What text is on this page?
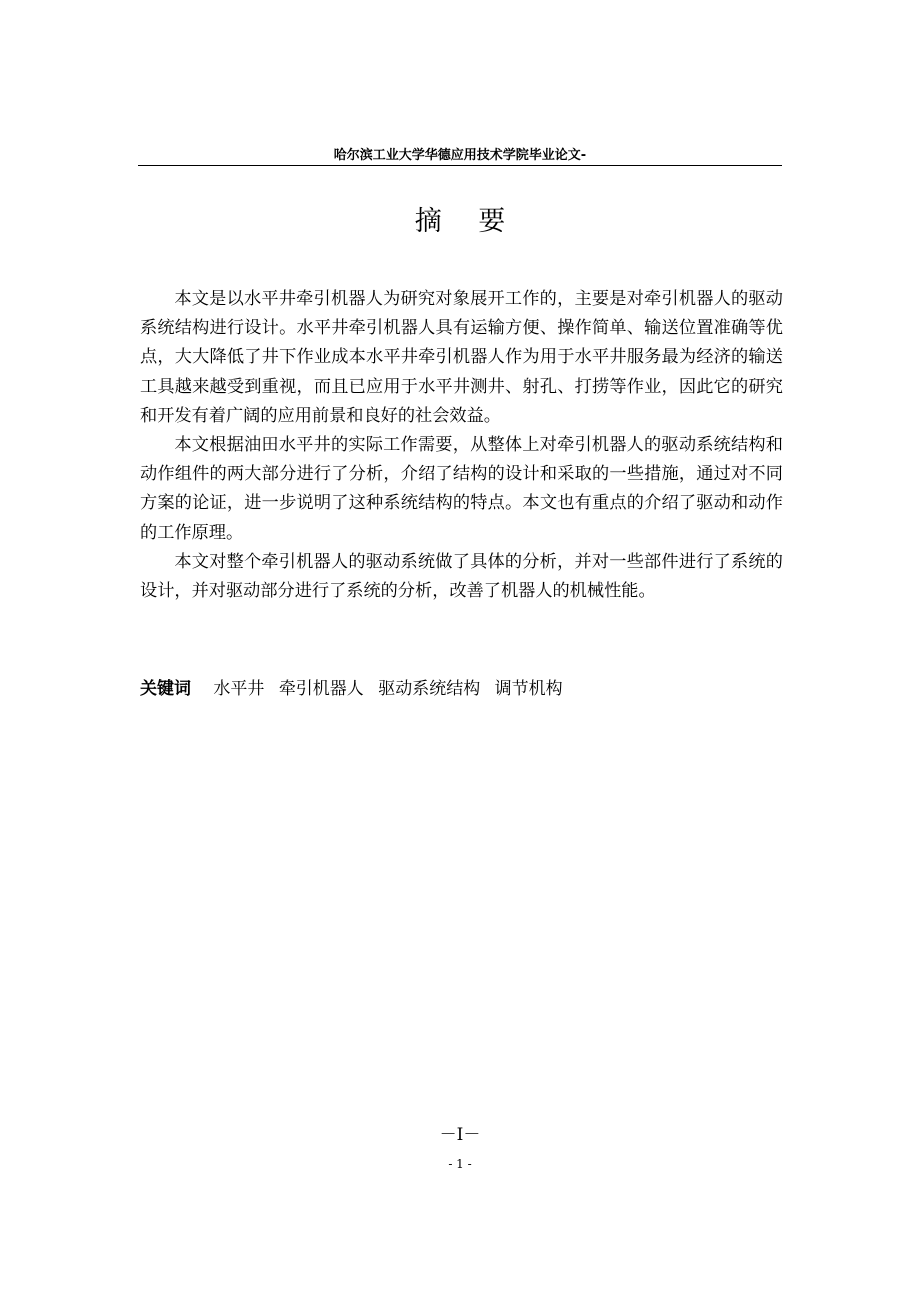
哈尔滨工业大学华德应用技术学院毕业论文-
摘 要

本文是以水平井牵引机器人为研究对象展开工作的，主要是对牵引机器人的驱动系统结构进行设计。水平井牵引机器人具有运输方便、操作简单、输送位置准确等优点，大大降低了井下作业成本水平井牵引机器人作为用于水平井服务最为经济的输送工具越来越受到重视，而且已应用于水平井测井、射孔、打捞等作业，因此它的研究和开发有着广阔的应用前景和良好的社会效益。

本文根据油田水平井的实际工作需要，从整体上对牵引机器人的驱动系统结构和动作组件的两大部分进行了分析，介绍了结构的设计和采取的一些措施，通过对不同方案的论证，进一步说明了这种系统结构的特点。本文也有重点的介绍了驱动和动作的工作原理。

本文对整个牵引机器人的驱动系统做了具体的分析，并对一些部件进行了系统的设计，并对驱动部分进行了系统的分析，改善了机器人的机械性能。

关键词 水平井 牵引机器人 驱动系统结构 调节机构
－I－
- 1 -
